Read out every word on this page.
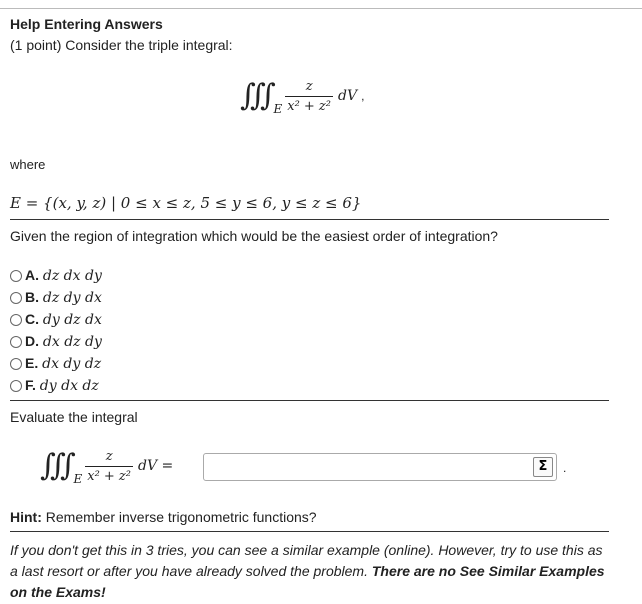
Help Entering Answers
(1 point) Consider the triple integral:
∭
E $\frac{z}{\text{x² + z²}}$ dV ,
where
E = {(x, y, z) | 0 ≤ x ≤ z, 5 ≤ y ≤ 6, y ≤ z ≤ 6}
Given the region of integration which would be the easiest order of integration?
A. dz dx dy
B. dz dy dx
C. dy dz dx
D. dx dz dy
E. dx dy dz
F. dy dx dz
Evaluate the integral
∭
E $\frac{z}{\text{x² + z²}}$ dV =	Σ	.
Hint: Remember inverse trigonometric functions?
If you don't get this in 3 tries, you can see a similar example (online). However, try to use this as a last resort or after you have already solved the problem. There are no See Similar Examples on the Exams!
